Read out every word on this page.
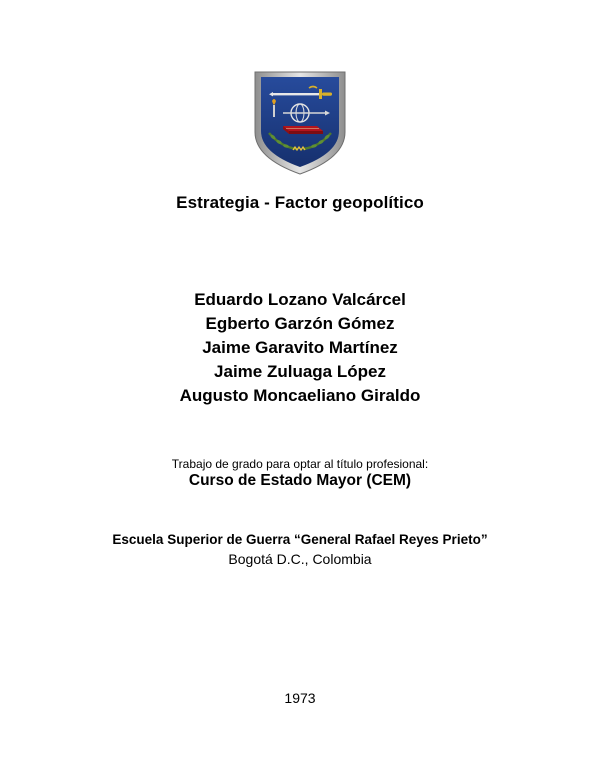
Estrategia - Factor geopolítico
Eduardo Lozano Valcárcel
Egberto Garzón Gómez
Jaime Garavito Martínez
Jaime Zuluaga López
Augusto Moncaeliano Giraldo
Trabajo de grado para optar al título profesional:
Curso de Estado Mayor (CEM)
Escuela Superior de Guerra “General Rafael Reyes Prieto”
Bogotá D.C., Colombia
1973
